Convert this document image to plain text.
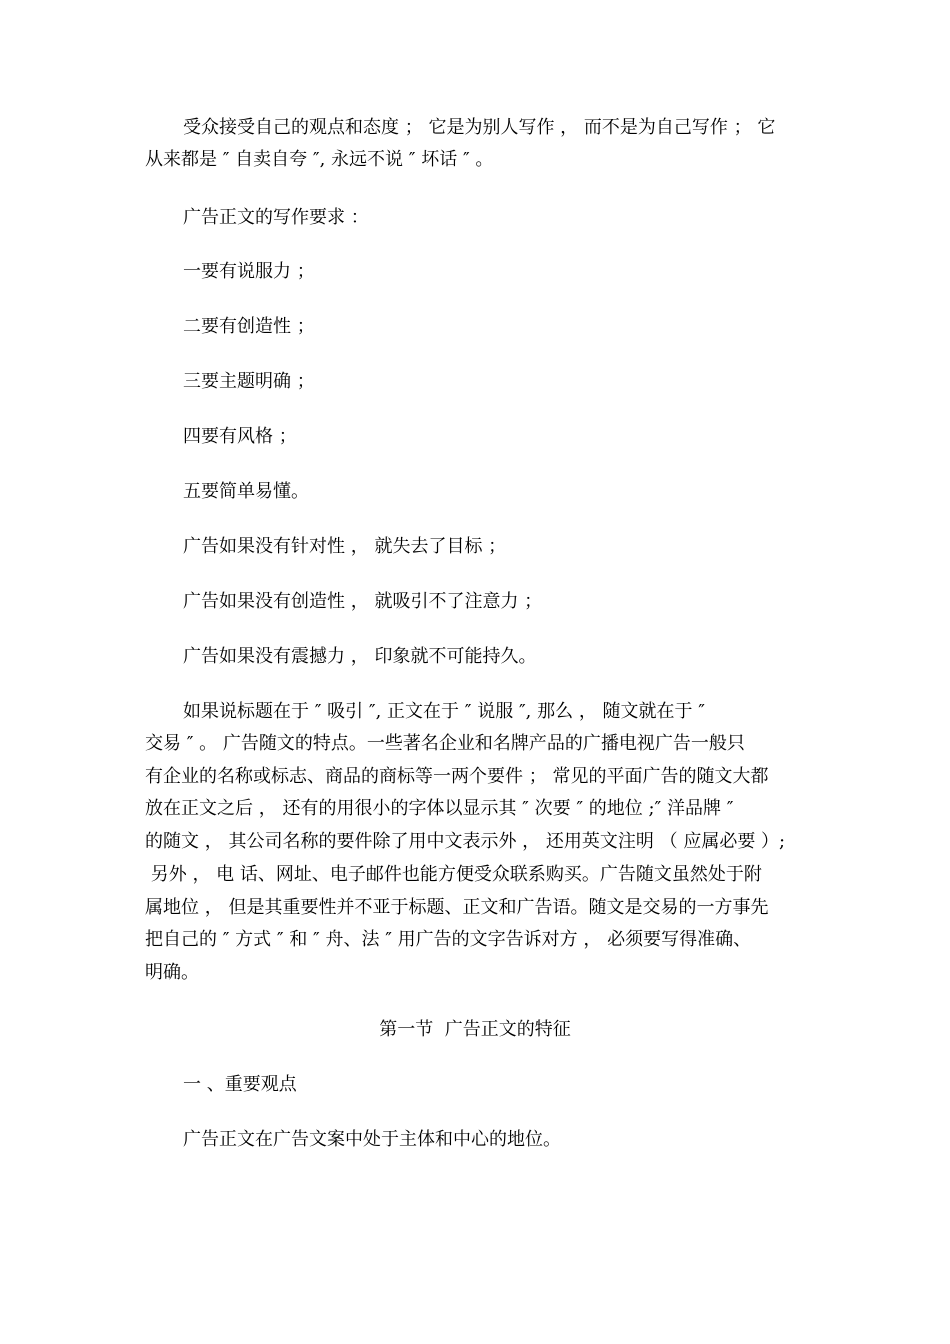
受众接受自己的观点和态度 ； 它是为别人写作 ， 而不是为自己写作 ； 它
从来都是 ″ 自卖自夸 ″, 永远不说 ″ 坏话 ″ 。
广告正文的写作要求 ：
一要有说服力 ；
二要有创造性 ；
三要主题明确 ；
四要有风格 ；
五要简单易懂。
广告如果没有针对性 ， 就失去了目标 ；
广告如果没有创造性 ， 就吸引不了注意力 ；
广告如果没有震撼力 ， 印象就不可能持久。
如果说标题在于 ″ 吸引 ″, 正文在于 ″ 说服 ″, 那么 ， 随文就在于 ″
交易 ″ 。 广告随文的特点。一些著名企业和名牌产品的广播电视广告一般只
有企业的名称或标志、商品的商标等一两个要件 ； 常见的平面广告的随文大都
放在正文之后 ， 还有的用很小的字体以显示其 ″ 次要 ″ 的地位 ;″ 洋品牌 ″
的随文 ， 其公司名称的要件除了用中文表示外 ， 还用英文注明 （ 应属必要 ）;
另外 ， 电 话、网址、电子邮件也能方便受众联系购买。广告随文虽然处于附
属地位 ， 但是其重要性并不亚于标题、正文和广告语。随文是交易的一方事先
把自己的 ″ 方式 ″ 和 ″ 舟、法 ″ 用广告的文字告诉对方 ， 必须要写得准确、
明确。
第一节  广告正文的特征
一 、重要观点
广告正文在广告文案中处于主体和中心的地位。
